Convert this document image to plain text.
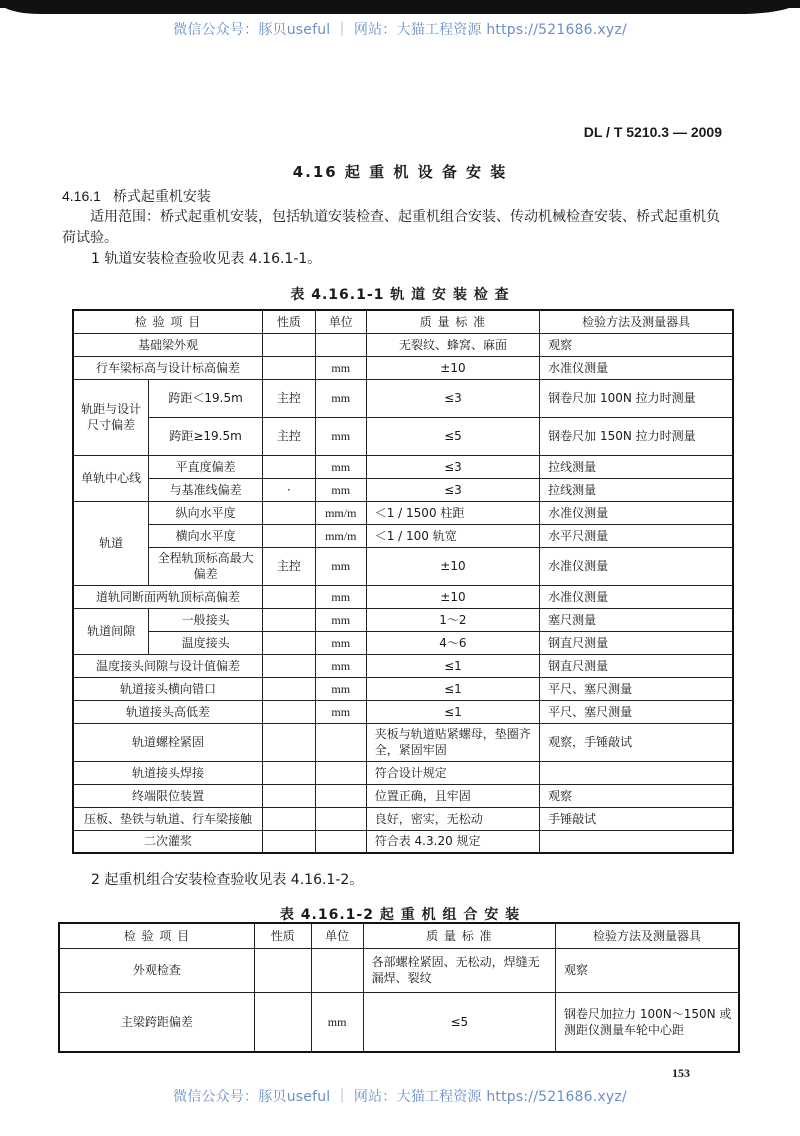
微信公众号：豚贝useful ｜ 网站：大猫工程资源 https://521686.xyz/
DL / T 5210.3 — 2009
4.16 起 重 机 设 备 安 装
4.16.1 桥式起重机安装
适用范围：桥式起重机安装，包括轨道安装检查、起重机组合安装、传动机械检查安装、桥式起重机负荷试验。
1 轨道安装检查验收见表 4.16.1-1。
表 4.16.1-1 轨 道 安 装 检 查
检 验 项 目		性质	单位	质 量 标 准	检验方法及测量器具
基础梁外观				无裂纹、蜂窝、麻面	观察
行车梁标高与设计标高偏差			mm	±10	水准仪测量
轨距与设计尺寸偏差	跨距＜19.5m	主控	mm	≤3	钢卷尺加 100N 拉力时测量
	跨距≥19.5m	主控	mm	≤5	钢卷尺加 150N 拉力时测量
单轨中心线	平直度偏差		mm	≤3	拉线测量
	与基准线偏差	·	mm	≤3	拉线测量
轨道	纵向水平度		mm/m	＜1 / 1500 柱距	水准仪测量
	横向水平度		mm/m	＜1 / 100 轨宽	水平尺测量
	全程轨顶标高最大偏差	主控	mm	±10	水准仪测量
道轨同断面两轨顶标高偏差			mm	±10	水准仪测量
轨道间隙	一般接头		mm	1～2	塞尺测量
	温度接头		mm	4～6	钢直尺测量
温度接头间隙与设计值偏差			mm	≤1	钢直尺测量
轨道接头横向错口			mm	≤1	平尺、塞尺测量
轨道接头高低差			mm	≤1	平尺、塞尺测量
轨道螺栓紧固				夹板与轨道贴紧螺母，垫圈齐全，紧固牢固	观察，手锤敲试
轨道接头焊接				符合设计规定	
终端限位装置				位置正确，且牢固	观察
压板、垫铁与轨道、行车梁接触				良好，密实，无松动	手锤敲试
二次灌浆				符合表 4.3.20 规定	
2 起重机组合安装检查验收见表 4.16.1-2。
表 4.16.1-2 起 重 机 组 合 安 装
检 验 项 目	性质	单位	质 量 标 准	检验方法及测量器具
外观检查			各部螺栓紧固、无松动，焊缝无漏焊、裂纹	观察
主梁跨距偏差		mm	≤5	钢卷尺加拉力 100N～150N 或测距仪测量车轮中心距
153
微信公众号：豚贝useful ｜ 网站：大猫工程资源 https://521686.xyz/
